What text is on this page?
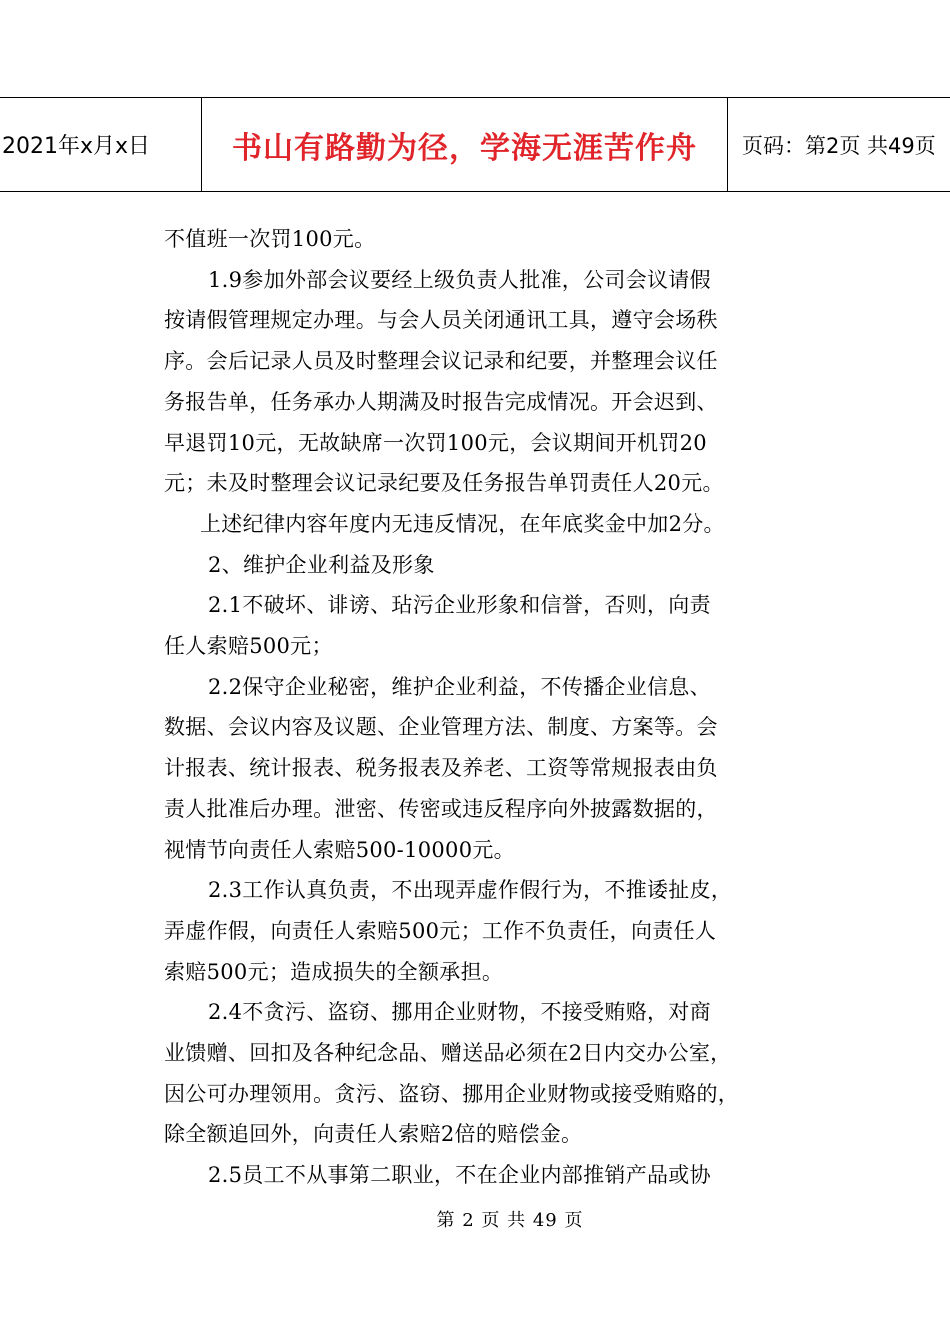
2021年x月x日	书山有路勤为径，学海无涯苦作舟	页码：第2页 共49页

不值班一次罚100元。

1.9参加外部会议要经上级负责人批准，公司会议请假

按请假管理规定办理。与会人员关闭通讯工具，遵守会场秩

序。会后记录人员及时整理会议记录和纪要，并整理会议任

务报告单，任务承办人期满及时报告完成情况。开会迟到、

早退罚10元，无故缺席一次罚100元，会议期间开机罚20

元；未及时整理会议记录纪要及任务报告单罚责任人20元。

上述纪律内容年度内无违反情况，在年底奖金中加2分。

2、维护企业利益及形象

2.1不破坏、诽谤、玷污企业形象和信誉，否则，向责

任人索赔500元；

2.2保守企业秘密，维护企业利益，不传播企业信息、

数据、会议内容及议题、企业管理方法、制度、方案等。会

计报表、统计报表、税务报表及养老、工资等常规报表由负

责人批准后办理。泄密、传密或违反程序向外披露数据的，

视情节向责任人索赔500-10000元。

2.3工作认真负责，不出现弄虚作假行为，不推诿扯皮，

弄虚作假，向责任人索赔500元；工作不负责任，向责任人

索赔500元；造成损失的全额承担。

2.4不贪污、盗窃、挪用企业财物，不接受贿赂，对商

业馈赠、回扣及各种纪念品、赠送品必须在2日内交办公室，

因公可办理领用。贪污、盗窃、挪用企业财物或接受贿赂的，

除全额追回外，向责任人索赔2倍的赔偿金。

2.5员工不从事第二职业，不在企业内部推销产品或协

第 2 页 共 49 页
